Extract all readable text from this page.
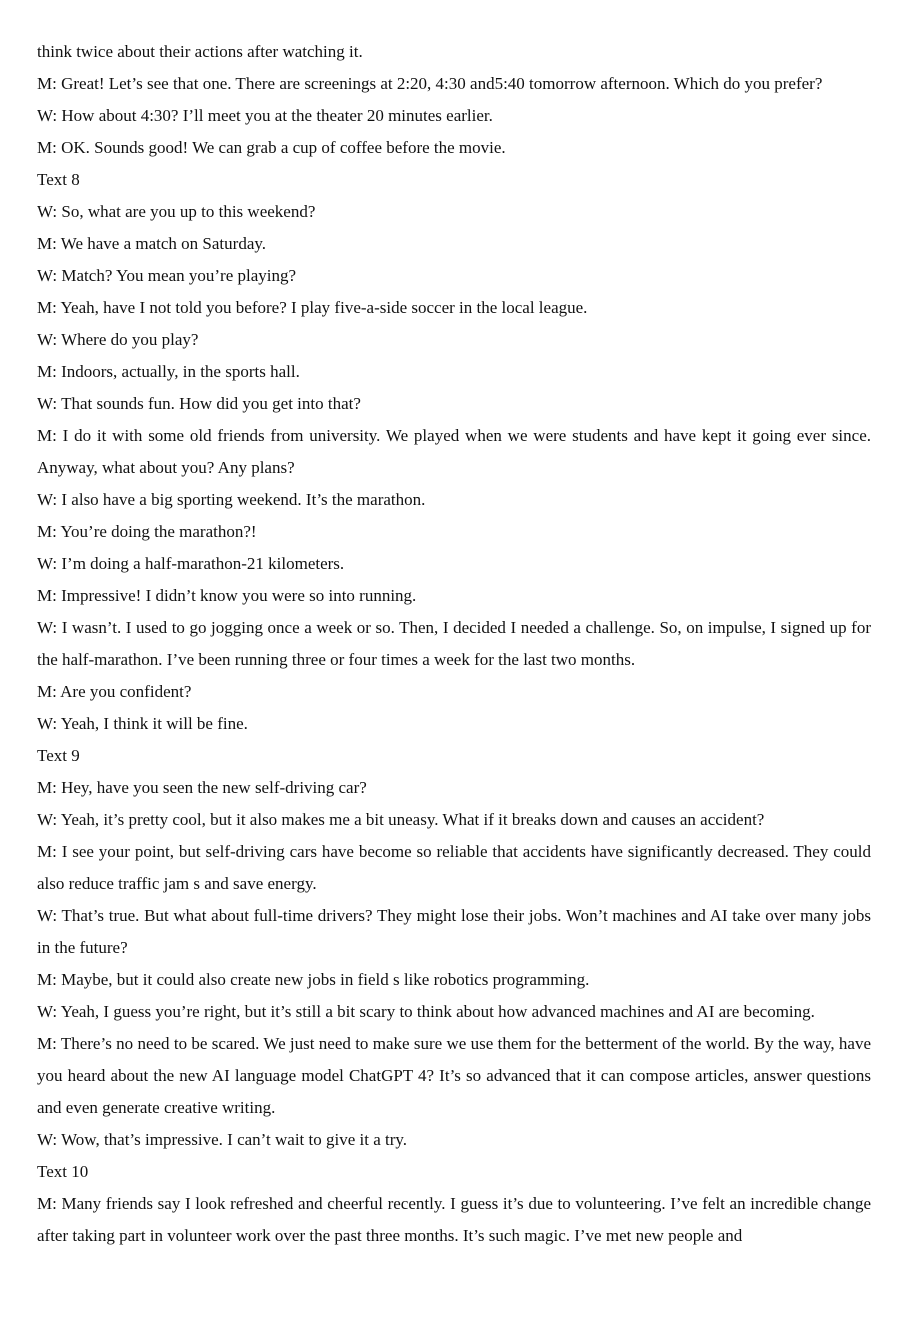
think twice about their actions after watching it.

M: Great! Let’s see that one. There are screenings at 2:20, 4:30 and5:40 tomorrow afternoon. Which do you prefer?

W: How about 4:30? I’ll meet you at the theater 20 minutes earlier.

M: OK. Sounds good! We can grab a cup of coffee before the movie.

Text 8

W: So, what are you up to this weekend?

M: We have a match on Saturday.

W: Match? You mean you’re playing?

M: Yeah, have I not told you before? I play five-a-side soccer in the local league.

W: Where do you play?

M: Indoors, actually, in the sports hall.

W: That sounds fun. How did you get into that?

M: I do it with some old friends from university. We played when we were students and have kept it going ever since. Anyway, what about you? Any plans?

W: I also have a big sporting weekend. It’s the marathon.

M: You’re doing the marathon?!

W: I’m doing a half-marathon-21 kilometers.

M: Impressive! I didn’t know you were so into running.

W: I wasn’t. I used to go jogging once a week or so. Then, I decided I needed a challenge. So, on impulse, I signed up for the half-marathon. I’ve been running three or four times a week for the last two months.

M: Are you confident?

W: Yeah, I think it will be fine.

Text 9

M: Hey, have you seen the new self-driving car?

W: Yeah, it’s pretty cool, but it also makes me a bit uneasy. What if it breaks down and causes an accident?

M: I see your point, but self-driving cars have become so reliable that accidents have significantly decreased. They could also reduce traffic jam s and save energy.

W: That’s true. But what about full-time drivers? They might lose their jobs. Won’t machines and AI take over many jobs in the future?

M: Maybe, but it could also create new jobs in field s like robotics programming.

W: Yeah, I guess you’re right, but it’s still a bit scary to think about how advanced machines and AI are becoming.

M: There’s no need to be scared. We just need to make sure we use them for the betterment of the world. By the way, have you heard about the new AI language model ChatGPT 4? It’s so advanced that it can compose articles, answer questions and even generate creative writing.

W: Wow, that’s impressive. I can’t wait to give it a try.

Text 10

M: Many friends say I look refreshed and cheerful recently. I guess it’s due to volunteering. I’ve felt an incredible change after taking part in volunteer work over the past three months. It’s such magic. I’ve met new people and
